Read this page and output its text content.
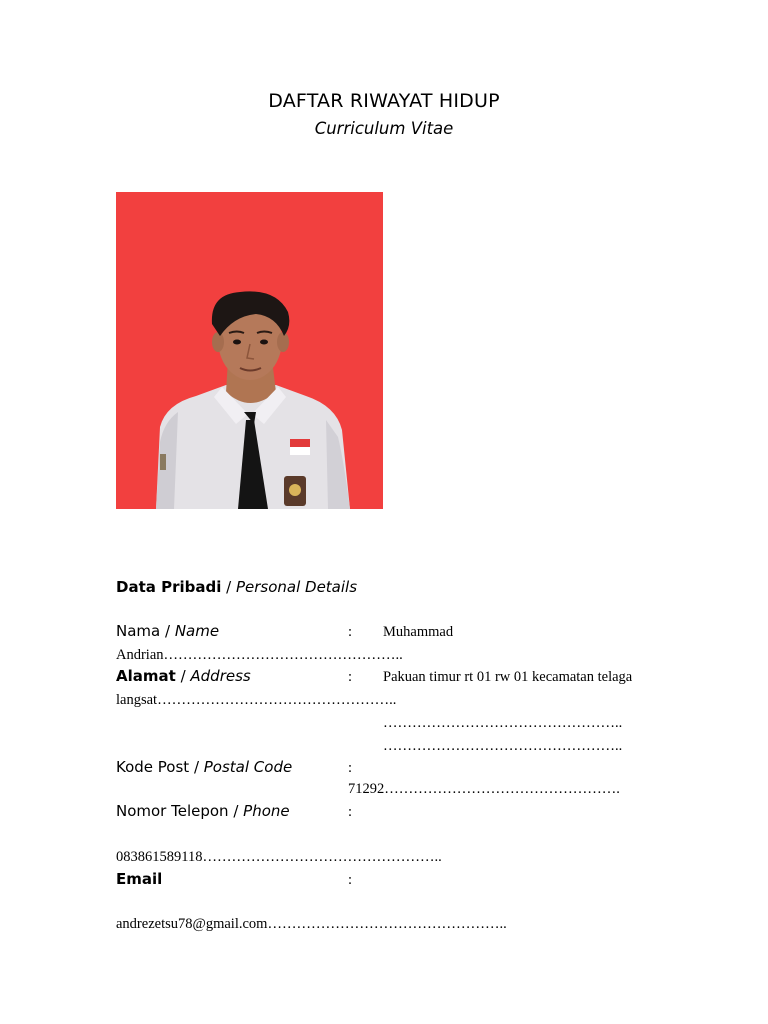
DAFTAR RIWAYAT HIDUP
Curriculum Vitae
Data Pribadi / Personal Details
Nama / Name	: Muhammad
Andrian…………………………………………..
Alamat / Address	: Pakuan timur rt 01 rw 01 kecamatan telaga
langsat…………………………………………..
…………………………………………..
…………………………………………..
Kode Post / Postal Code	:
71292………………………………………….
Nomor Telepon / Phone	:
083861589118…………………………………………..
Email	:
andrezetsu78@gmail.com…………………………………………..
